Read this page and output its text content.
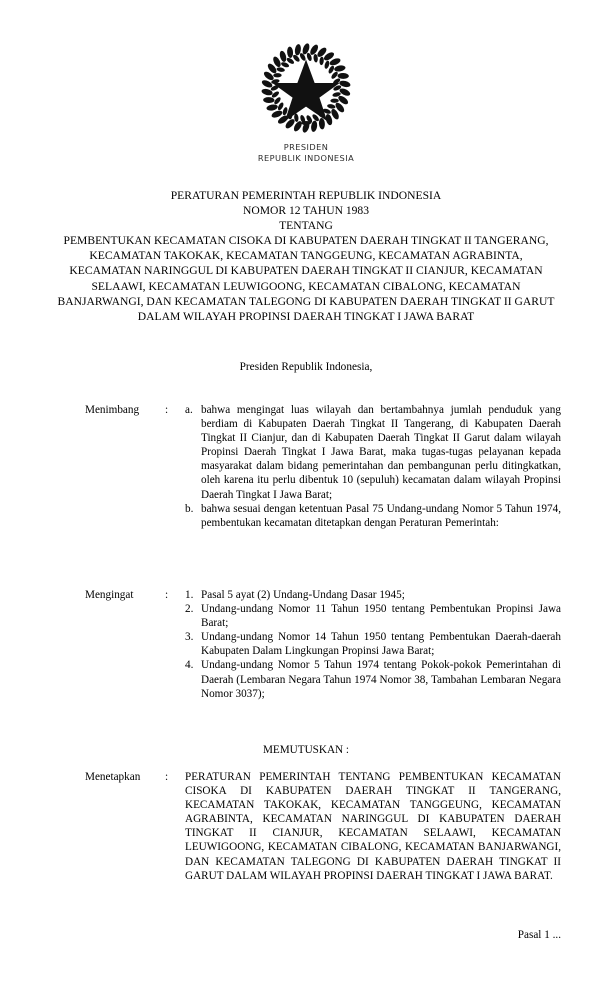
PRESIDEN
REPUBLIK INDONESIA
PERATURAN PEMERINTAH REPUBLIK INDONESIA
NOMOR 12 TAHUN 1983
TENTANG
PEMBENTUKAN KECAMATAN CISOKA DI KABUPATEN DAERAH TINGKAT II TANGERANG, KECAMATAN TAKOKAK, KECAMATAN TANGGEUNG, KECAMATAN AGRABINTA, KECAMATAN NARINGGUL DI KABUPATEN DAERAH TINGKAT II CIANJUR, KECAMATAN SELAAWI, KECAMATAN LEUWIGOONG, KECAMATAN CIBALONG, KECAMATAN BANJARWANGI, DAN KECAMATAN TALEGONG DI KABUPATEN DAERAH TINGKAT II GARUT DALAM WILAYAH PROPINSI DAERAH TINGKAT I JAWA BARAT
Presiden Republik Indonesia,
Menimbang	:	a. bahwa mengingat luas wilayah dan bertambahnya jumlah penduduk yang berdiam di Kabupaten Daerah Tingkat II Tangerang, di Kabupaten Daerah Tingkat II Cianjur, dan di Kabupaten Daerah Tingkat II Garut dalam wilayah Propinsi Daerah Tingkat I Jawa Barat, maka tugas-tugas pelayanan kepada masyarakat dalam bidang pemerintahan dan pembangunan perlu ditingkatkan, oleh karena itu perlu dibentuk 10 (sepuluh) kecamatan dalam wilayah Propinsi Daerah Tingkat I Jawa Barat;
b. bahwa sesuai dengan ketentuan Pasal 75 Undang-undang Nomor 5 Tahun 1974, pembentukan kecamatan ditetapkan dengan Peraturan Pemerintah:
Mengingat	:	1. Pasal 5 ayat (2) Undang-Undang Dasar 1945;
2. Undang-undang Nomor 11 Tahun 1950 tentang Pembentukan Propinsi Jawa Barat;
3. Undang-undang Nomor 14 Tahun 1950 tentang Pembentukan Daerah-daerah Kabupaten Dalam Lingkungan Propinsi Jawa Barat;
4. Undang-undang Nomor 5 Tahun 1974 tentang Pokok-pokok Pemerintahan di Daerah (Lembaran Negara Tahun 1974 Nomor 38, Tambahan Lembaran Negara Nomor 3037);
MEMUTUSKAN :
Menetapkan	:	PERATURAN PEMERINTAH TENTANG PEMBENTUKAN KECAMATAN CISOKA DI KABUPATEN DAERAH TINGKAT II TANGERANG, KECAMATAN TAKOKAK, KECAMATAN TANGGEUNG, KECAMATAN AGRABINTA, KECAMATAN NARINGGUL DI KABUPATEN DAERAH TINGKAT II CIANJUR, KECAMATAN SELAAWI, KECAMATAN LEUWIGOONG, KECAMATAN CIBALONG, KECAMATAN BANJARWANGI, DAN KECAMATAN TALEGONG DI KABUPATEN DAERAH TINGKAT II GARUT DALAM WILAYAH PROPINSI DAERAH TINGKAT I JAWA BARAT.
Pasal 1 ...
